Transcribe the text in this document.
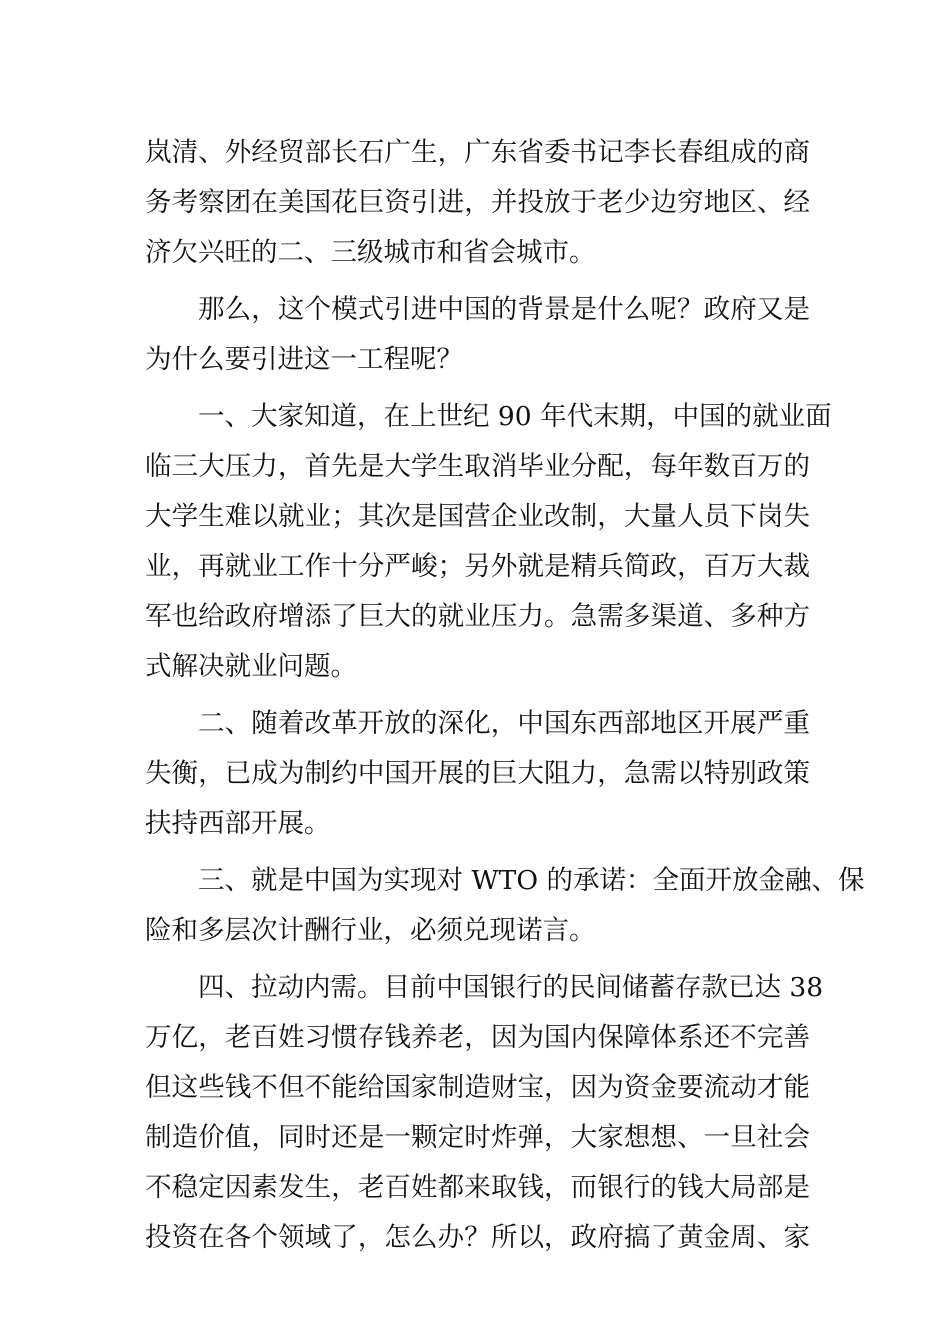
岚清、外经贸部长石广生，广东省委书记李长春组成的商
务考察团在美国花巨资引进，并投放于老少边穷地区、经
济欠兴旺的二、三级城市和省会城市。
那么，这个模式引进中国的背景是什么呢？政府又是
为什么要引进这一工程呢？
一、大家知道，在上世纪 90 年代末期，中国的就业面
临三大压力，首先是大学生取消毕业分配，每年数百万的
大学生难以就业；其次是国营企业改制，大量人员下岗失
业，再就业工作十分严峻；另外就是精兵简政，百万大裁
军也给政府增添了巨大的就业压力。急需多渠道、多种方
式解决就业问题。
二、随着改革开放的深化，中国东西部地区开展严重
失衡，已成为制约中国开展的巨大阻力，急需以特别政策
扶持西部开展。
三、就是中国为实现对 WTO 的承诺：全面开放金融、保
险和多层次计酬行业，必须兑现诺言。
四、拉动内需。目前中国银行的民间储蓄存款已达 38
万亿，老百姓习惯存钱养老，因为国内保障体系还不完善
但这些钱不但不能给国家制造财宝，因为资金要流动才能
制造价值，同时还是一颗定时炸弹，大家想想、一旦社会
不稳定因素发生，老百姓都来取钱，而银行的钱大局部是
投资在各个领域了，怎么办？所以，政府搞了黄金周、家
